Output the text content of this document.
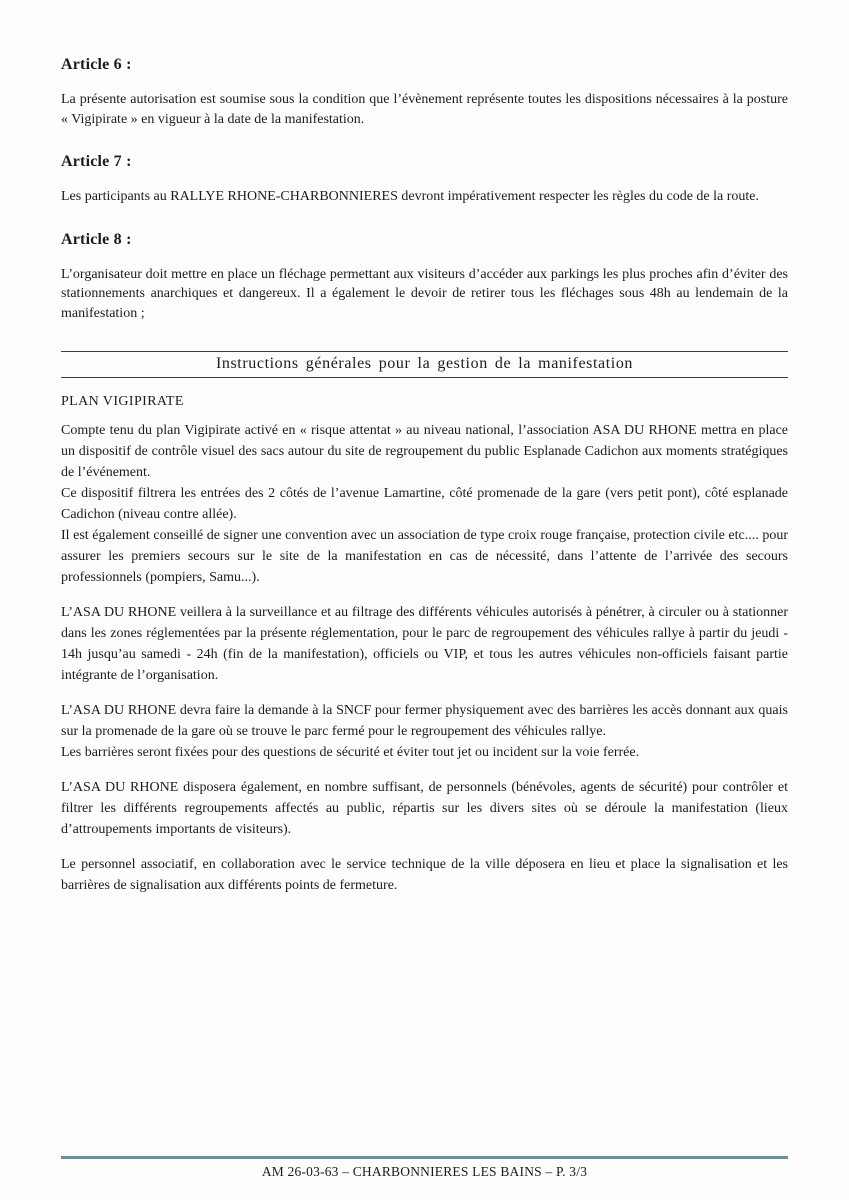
Article 6 :

La présente autorisation est soumise sous la condition que l’évènement représente toutes les dispositions nécessaires à la posture « Vigipirate » en vigueur à la date de la manifestation.

Article 7 :

Les participants au RALLYE RHONE-CHARBONNIERES devront impérativement respecter les règles du code de la route.

Article 8 :

L’organisateur doit mettre en place un fléchage permettant aux visiteurs d’accéder aux parkings les plus proches afin d’éviter des stationnements anarchiques et dangereux. Il a également le devoir de retirer tous les fléchages sous 48h au lendemain de la manifestation ;

Instructions générales pour la gestion de la manifestation

PLAN VIGIPIRATE

Compte tenu du plan Vigipirate activé en « risque attentat » au niveau national, l’association ASA DU RHONE mettra en place un dispositif de contrôle visuel des sacs autour du site de regroupement du public Esplanade Cadichon aux moments stratégiques de l’événement.

Ce dispositif filtrera les entrées des 2 côtés de l’avenue Lamartine, côté promenade de la gare (vers petit pont), côté esplanade Cadichon (niveau contre allée).

Il est également conseillé de signer une convention avec un association de type croix rouge française, protection civile etc.... pour assurer les premiers secours sur le site de la manifestation en cas de nécessité, dans l’attente de l’arrivée des secours professionnels (pompiers, Samu...).

L’ASA DU RHONE veillera à la surveillance et au filtrage des différents véhicules autorisés à pénétrer, à circuler ou à stationner dans les zones réglementées par la présente réglementation, pour le parc de regroupement des véhicules rallye à partir du jeudi - 14h jusqu’au samedi - 24h (fin de la manifestation), officiels ou VIP, et tous les autres véhicules non-officiels faisant partie intégrante de l’organisation.

L’ASA DU RHONE devra faire la demande à la SNCF pour fermer physiquement avec des barrières les accès donnant aux quais sur la promenade de la gare où se trouve le parc fermé pour le regroupement des véhicules rallye.

Les barrières seront fixées pour des questions de sécurité et éviter tout jet ou incident sur la voie ferrée.

L’ASA DU RHONE disposera également, en nombre suffisant, de personnels (bénévoles, agents de sécurité) pour contrôler et filtrer les différents regroupements affectés au public, répartis sur les divers sites où se déroule la manifestation (lieux d’attroupements importants de visiteurs).

Le personnel associatif, en collaboration avec le service technique de la ville déposera en lieu et place la signalisation et les barrières de signalisation aux différents points de fermeture.

AM 26-03-63 – CHARBONNIERES LES BAINS – P. 3/3
